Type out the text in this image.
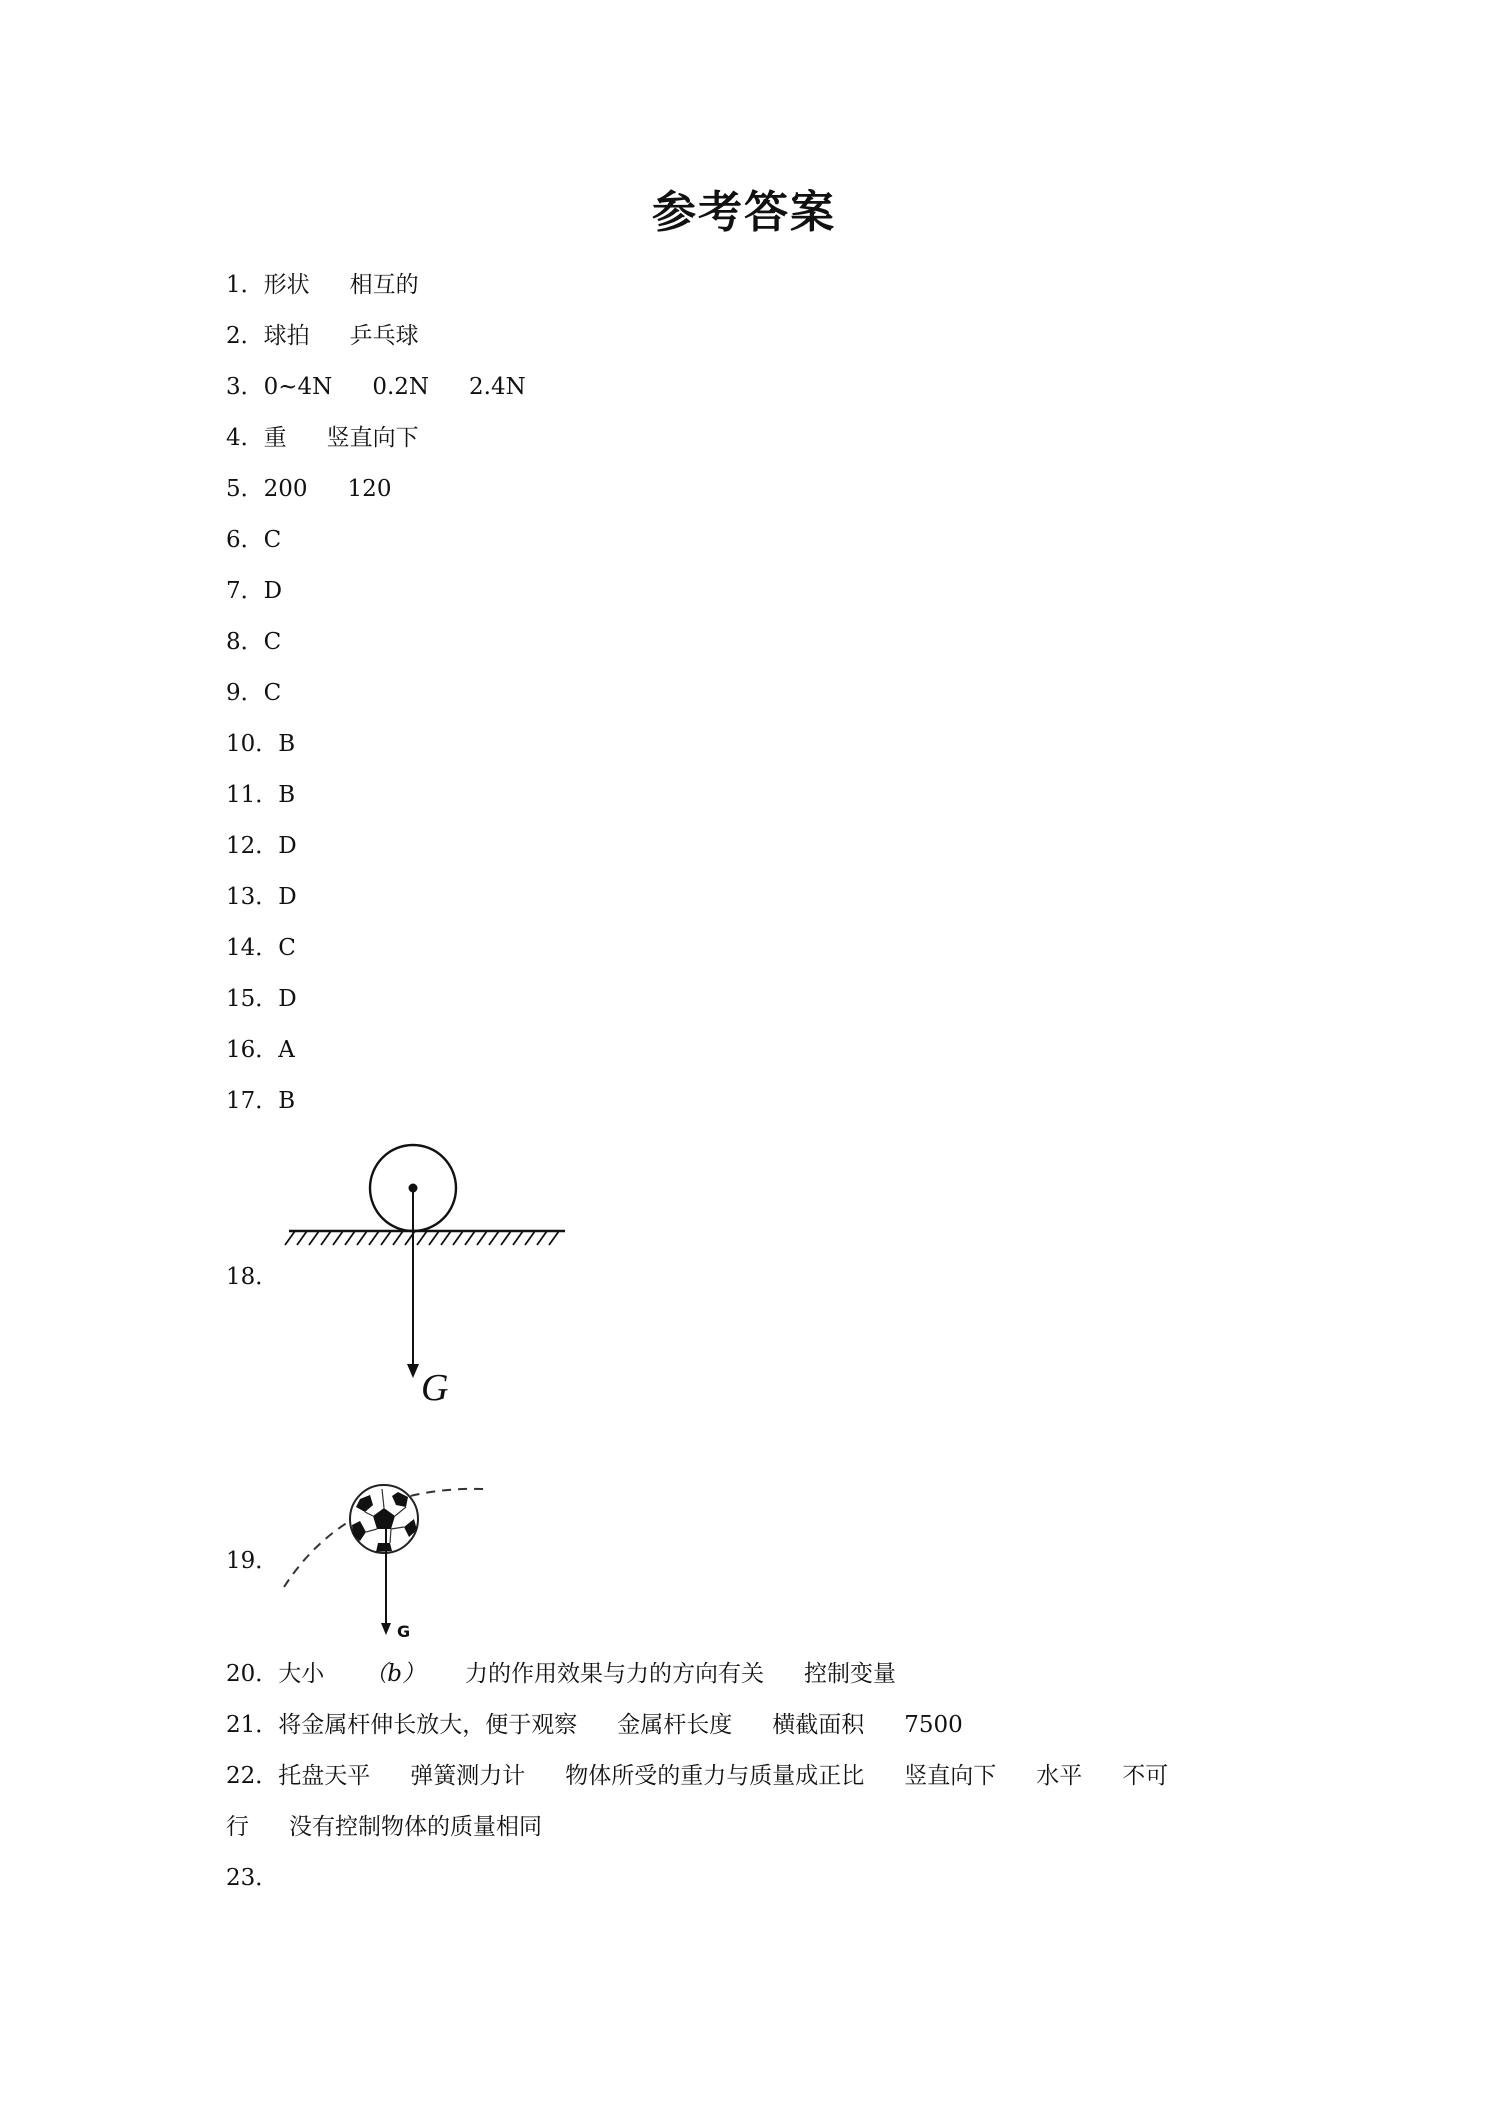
参考答案
1．形状 相互的
2．球拍 乒乓球
3．0~4N 0.2N 2.4N
4．重 竖直向下
5．200 120
6．C
7．D
8．C
9．C
10．B
11．B
12．D
13．D
14．C
15．D
16．A
17．B
18．
G
19．
G
20．大小 （b） 力的作用效果与力的方向有关 控制变量
21．将金属杆伸长放大，便于观察 金属杆长度 横截面积 7500
22．托盘天平 弹簧测力计 物体所受的重力与质量成正比 竖直向下 水平 不可
行 没有控制物体的质量相同
23．
